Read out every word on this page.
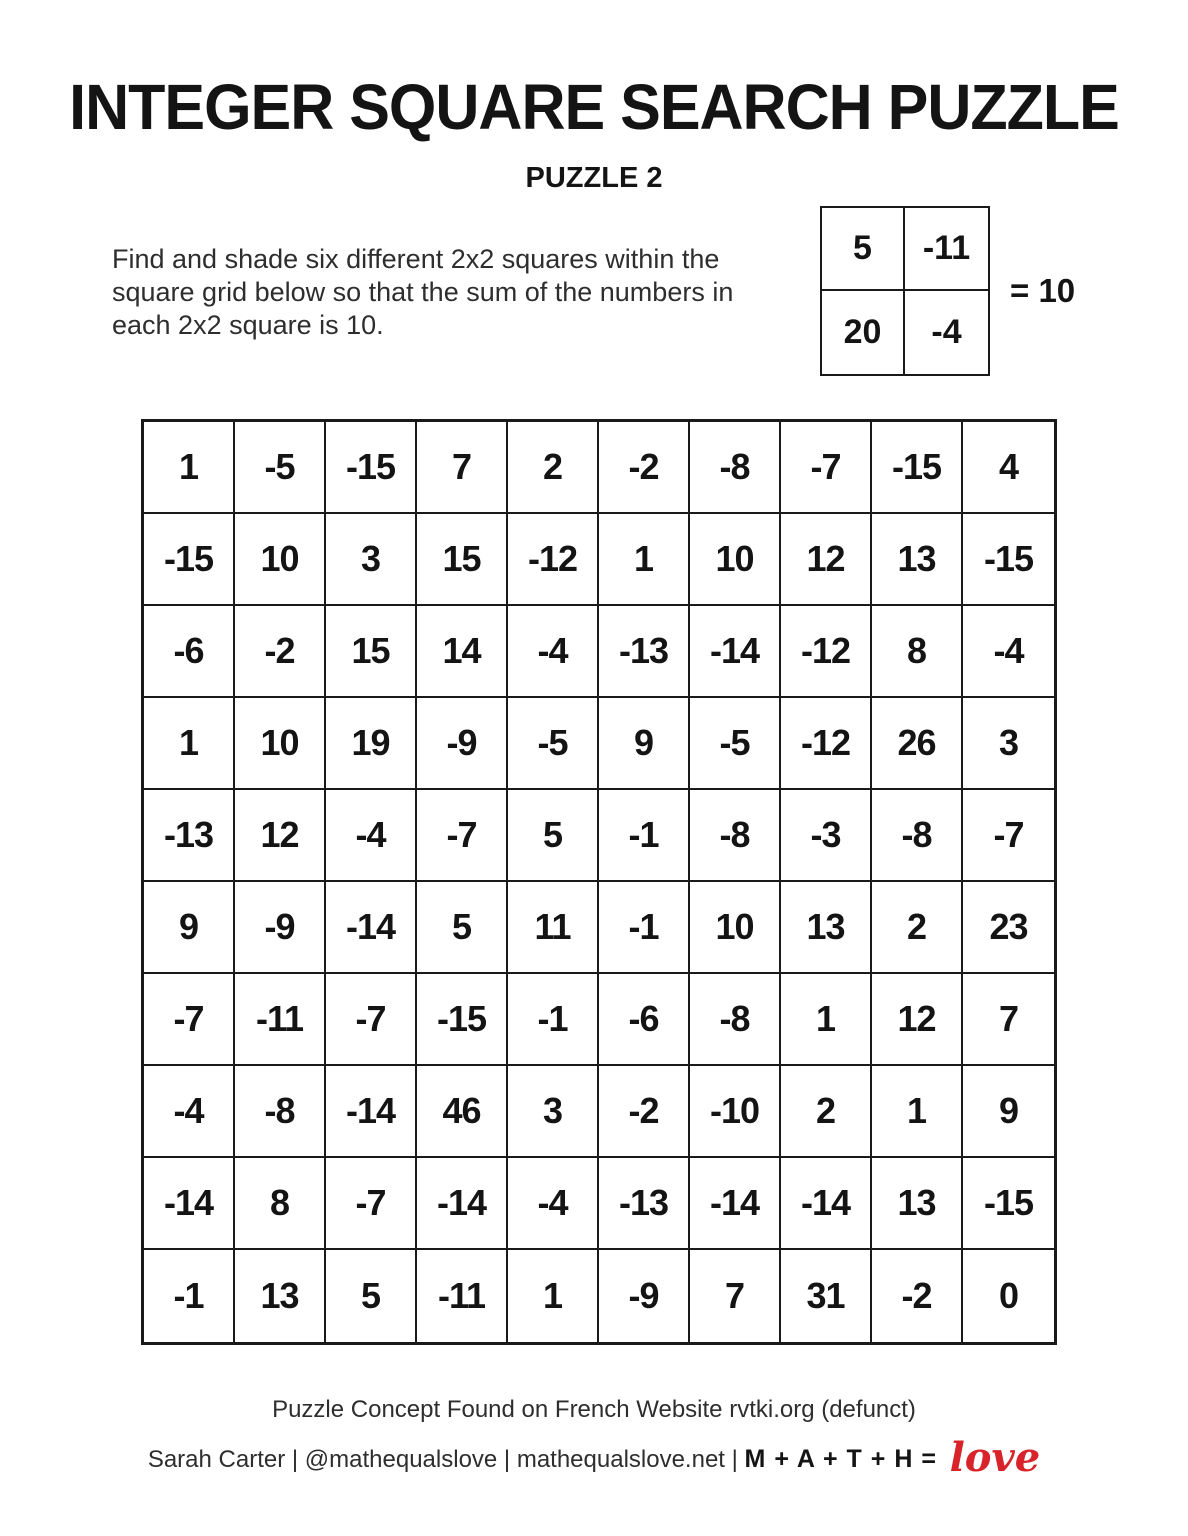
INTEGER SQUARE SEARCH PUZZLE
PUZZLE 2
Find and shade six different 2x2 squares within the square grid below so that the sum of the numbers in each 2x2 square is 10.
5	-11
20	-4
= 10
1	-5	-15	7	2	-2	-8	-7	-15	4
-15	10	3	15	-12	1	10	12	13	-15
-6	-2	15	14	-4	-13	-14	-12	8	-4
1	10	19	-9	-5	9	-5	-12	26	3
-13	12	-4	-7	5	-1	-8	-3	-8	-7
9	-9	-14	5	11	-1	10	13	2	23
-7	-11	-7	-15	-1	-6	-8	1	12	7
-4	-8	-14	46	3	-2	-10	2	1	9
-14	8	-7	-14	-4	-13	-14	-14	13	-15
-1	13	5	-11	1	-9	7	31	-2	0
Puzzle Concept Found on French Website rvtki.org (defunct)
Sarah Carter | @mathequalslove | mathequalslove.net | M + A + T + H = love
